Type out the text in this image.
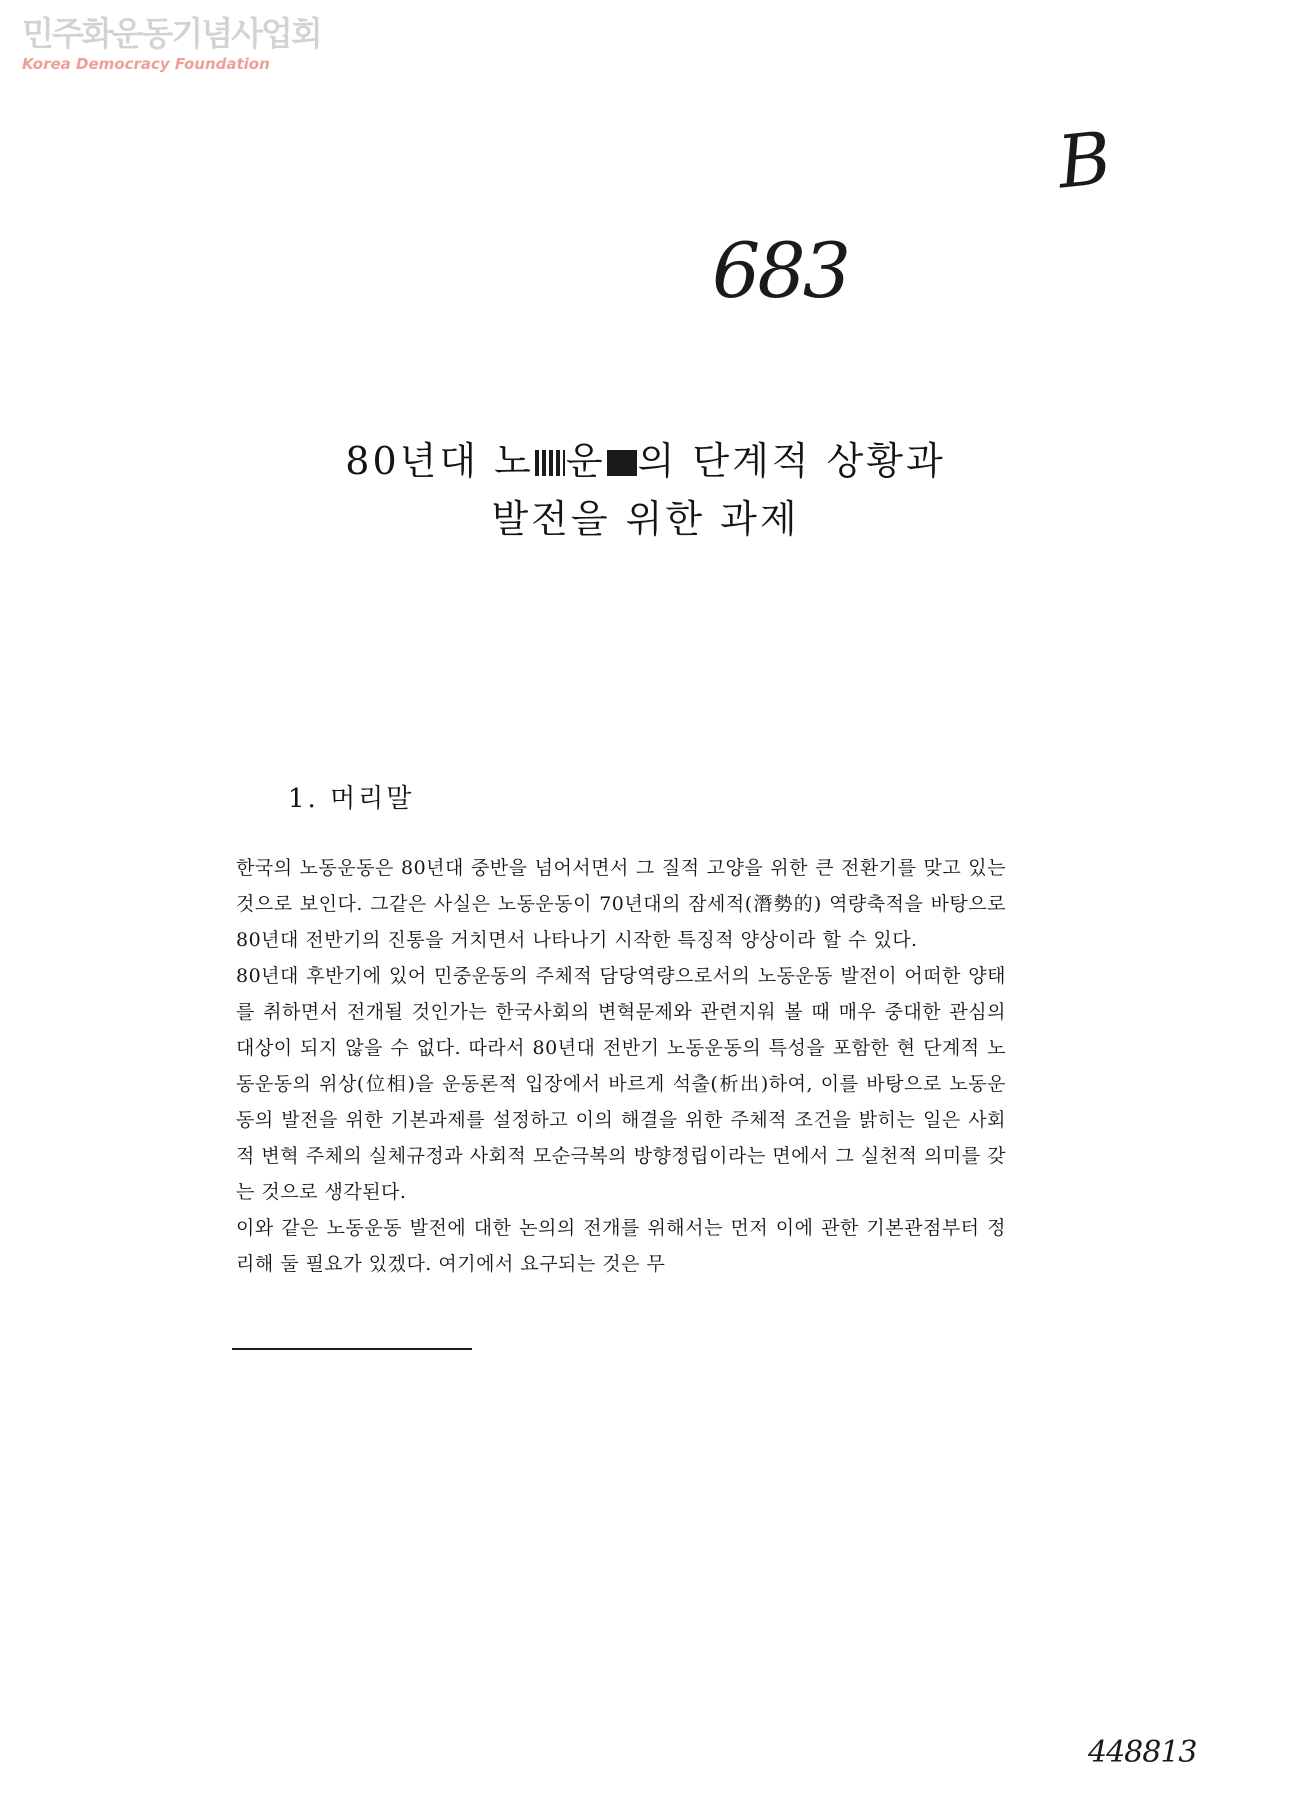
민주화운동기념사업회
Korea Democracy Foundation
B
683
80년대 노 운 의 단계적 상황과
발전을 위한 과제
1. 머리말

한국의 노동운동은 80년대 중반을 넘어서면서 그 질적 고양을 위한 큰 전환기를 맞고 있는 것으로 보인다. 그같은 사실은 노동운동이 70년대의 잠세적(潛勢的) 역량축적을 바탕으로 80년대 전반기의 진통을 거치면서 나타나기 시작한 특징적 양상이라 할 수 있다.

80년대 후반기에 있어 민중운동의 주체적 담당역량으로서의 노동운동 발전이 어떠한 양태를 취하면서 전개될 것인가는 한국사회의 변혁문제와 관련지워 볼 때 매우 중대한 관심의 대상이 되지 않을 수 없다. 따라서 80년대 전반기 노동운동의 특성을 포함한 현 단계적 노동운동의 위상(位相)을 운동론적 입장에서 바르게 석출(析出)하여, 이를 바탕으로 노동운동의 발전을 위한 기본과제를 설정하고 이의 해결을 위한 주체적 조건을 밝히는 일은 사회적 변혁 주체의 실체규정과 사회적 모순극복의 방향정립이라는 면에서 그 실천적 의미를 갖는 것으로 생각된다.

이와 같은 노동운동 발전에 대한 논의의 전개를 위해서는 먼저 이에 관한 기본관점부터 정리해 둘 필요가 있겠다. 여기에서 요구되는 것은 무

448813
